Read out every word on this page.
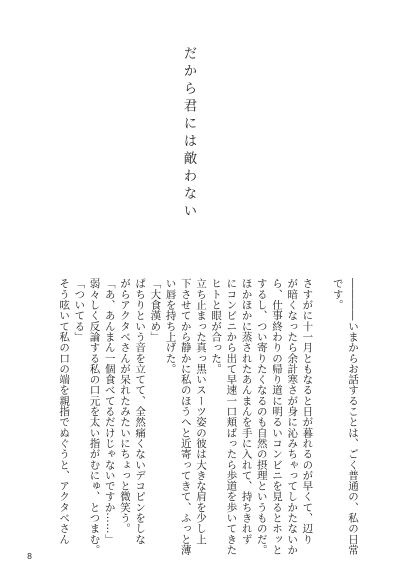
だから君には敵わない

――――いまからお話することは、ごく普通の、私の日常

です。

さすがに十一月ともなると日が暮れるのが早くて、辺り

が暗くなったら余計寒さが身に沁みちゃってしかたないか

ら、仕事終わりの帰り道に明るいコンビニを見るとホッと

するし、つい寄りたくなるのも自然の摂理というものだ。

ほかほかに蒸されたあんまんを手に入れて、持ちきれず

にコンビニから出て早速一口頬ばったら歩道を歩いてきた

ヒトと眼が合った。

立ち止まった真っ黒いスーツ姿の彼は大きな肩を少し上

下させてから静かに私のほうへと近寄ってきて、ふっと薄

い唇を持ち上げた。

「大食漢め」

ぱちりという音を立てて、全然痛くないデコピンをしな

がらアクタベさんが呆れたみたいにちょっと微笑う。

「あ、あんまん一個食べてるだけじゃないですか……」

弱々しく反論する私の口元を太い指がむにゅ、とつまむ。

「ついてる」

そう呟いて私の口の端を親指でぬぐうと、アクタベさん

8
